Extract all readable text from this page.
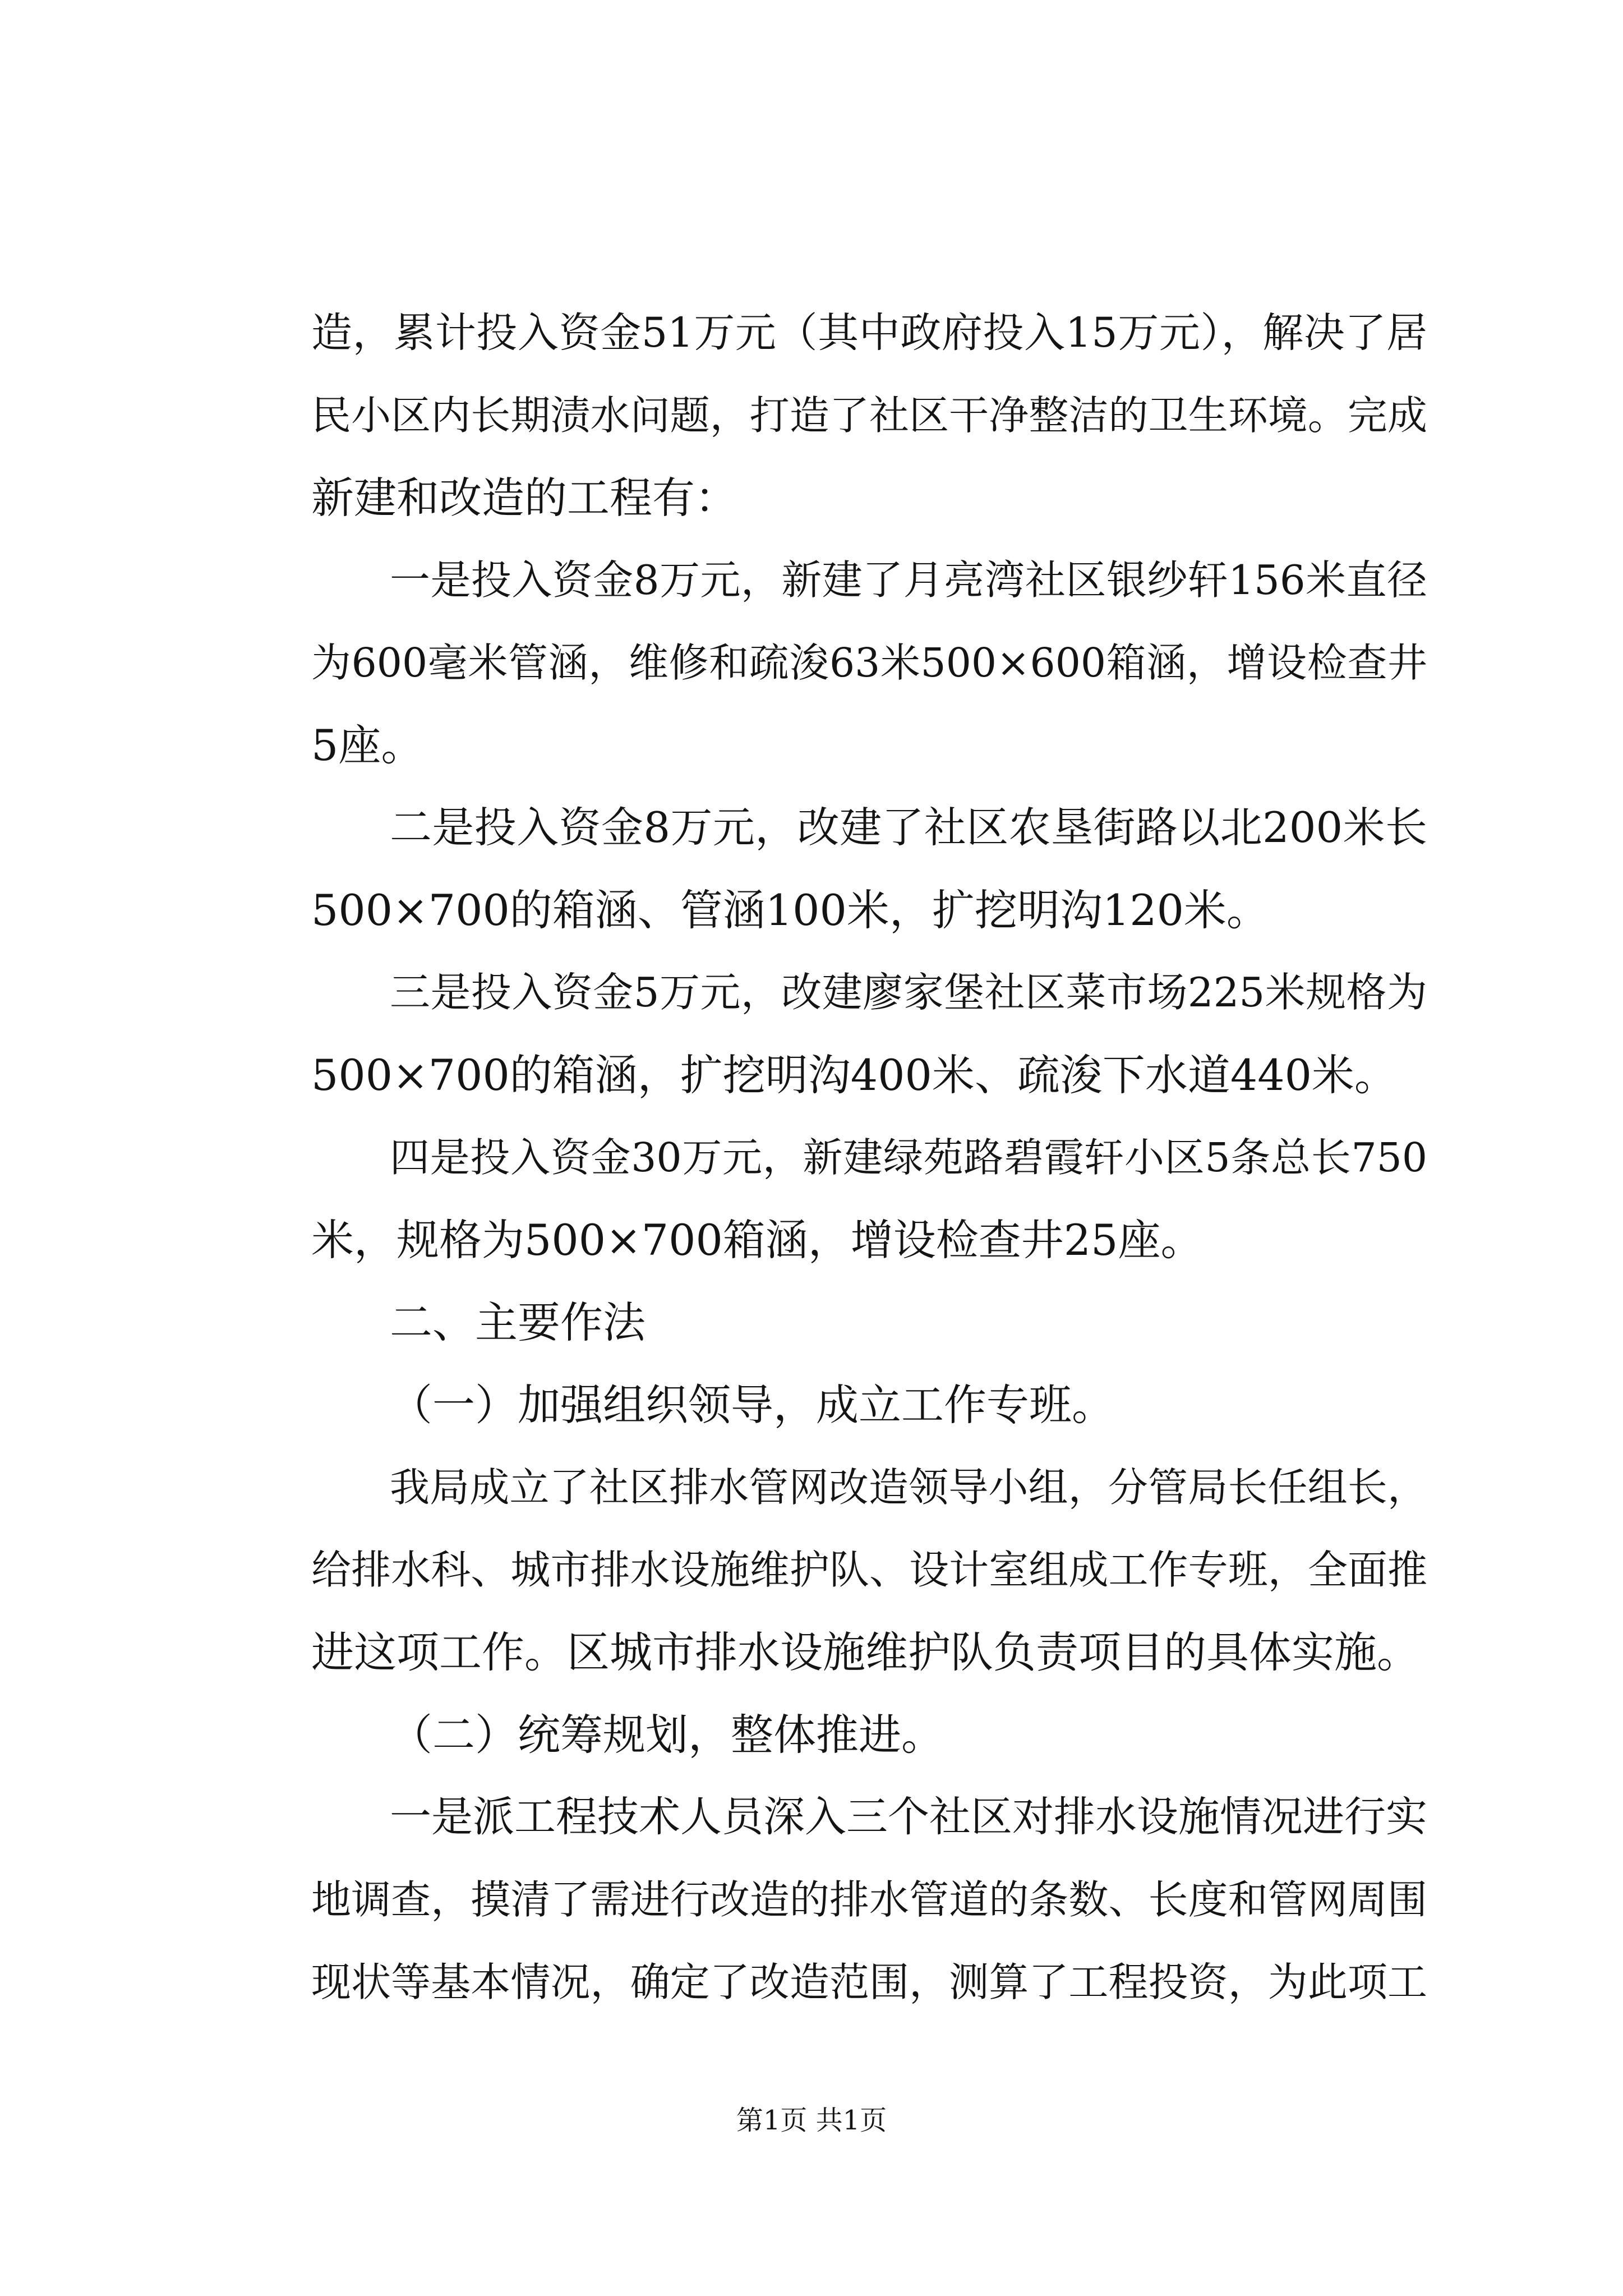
造，累计投入资金51万元（其中政府投入15万元），解决了居
民小区内长期渍水问题，打造了社区干净整洁的卫生环境。完成
新建和改造的工程有：
一是投入资金8万元，新建了月亮湾社区银纱轩156米直径
为600毫米管涵，维修和疏浚63米500×600箱涵，增设检查井
5座。
二是投入资金8万元，改建了社区农垦街路以北200米长
500×700的箱涵、管涵100米，扩挖明沟120米。
三是投入资金5万元，改建廖家堡社区菜市场225米规格为
500×700的箱涵，扩挖明沟400米、疏浚下水道440米。
四是投入资金30万元，新建绿苑路碧霞轩小区5条总长750
米，规格为500×700箱涵，增设检查井25座。
二、主要作法
（一）加强组织领导，成立工作专班。
我局成立了社区排水管网改造领导小组，分管局长任组长，
给排水科、城市排水设施维护队、设计室组成工作专班，全面推
进这项工作。区城市排水设施维护队负责项目的具体实施。
（二）统筹规划，整体推进。
一是派工程技术人员深入三个社区对排水设施情况进行实
地调查，摸清了需进行改造的排水管道的条数、长度和管网周围
现状等基本情况，确定了改造范围，测算了工程投资，为此项工
第1页 共1页
